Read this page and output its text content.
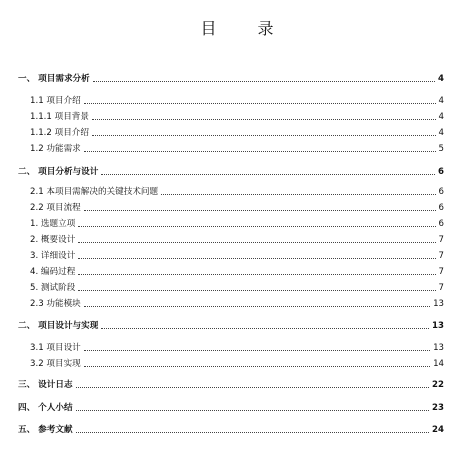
目 录
一、 项目需求分析	4
1.1 项目介绍	4
1.1.1 项目背景	4
1.1.2 项目介绍	4
1.2 功能需求	5
二、 项目分析与设计	6
2.1 本项目需解决的关键技术问题	6
2.2 项目流程	6
1. 选题立项	6
2. 概要设计	7
3. 详细设计	7
4. 编码过程	7
5. 测试阶段	7
2.3 功能模块	13
二、 项目设计与实现	13
3.1 项目设计	13
3.2 项目实现	14
三、 设计日志	22
四、 个人小结	23
五、 参考文献	24
